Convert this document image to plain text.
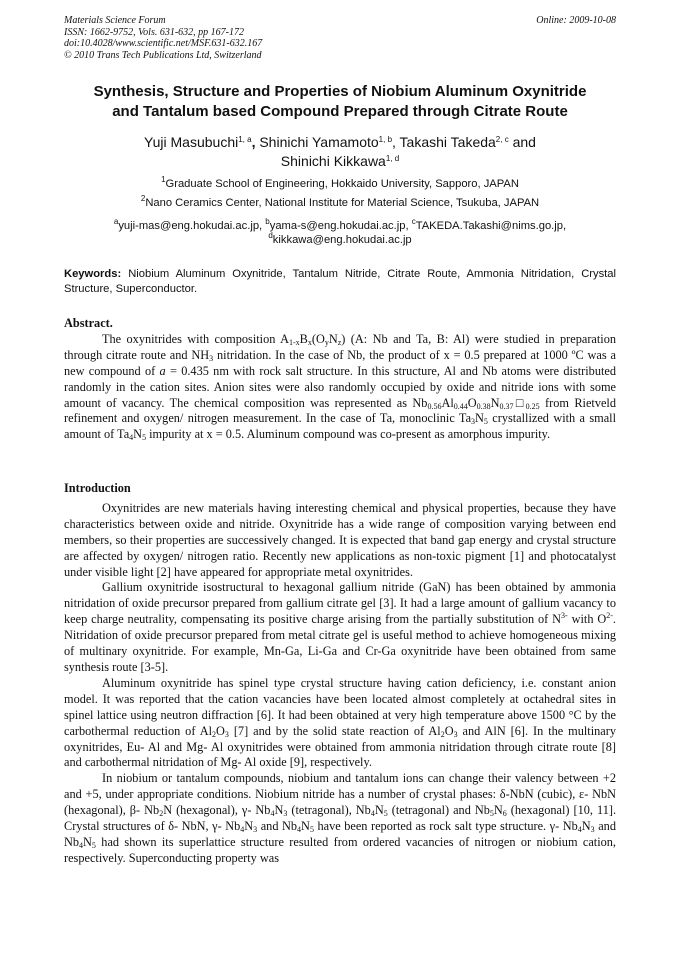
Materials Science Forum	Online: 2009-10-08
ISSN: 1662-9752, Vols. 631-632, pp 167-172
doi:10.4028/www.scientific.net/MSF.631-632.167
© 2010 Trans Tech Publications Ltd, Switzerland
Synthesis, Structure and Properties of Niobium Aluminum Oxynitride
and Tantalum based Compound Prepared through Citrate Route
Yuji Masubuchi$^{1, a}$, Shinichi Yamamoto$^{1, b}$, Takashi Takeda$^{2, c}$ and
Shinichi Kikkawa$^{1, d}$
$^1$Graduate School of Engineering, Hokkaido University, Sapporo, JAPAN
$^2$Nano Ceramics Center, National Institute for Material Science, Tsukuba, JAPAN
$^a$yuji-mas@eng.hokudai.ac.jp, $^b$yama-s@eng.hokudai.ac.jp, $^c$TAKEDA.Takashi@nims.go.jp,
$^d$kikkawa@eng.hokudai.ac.jp
Keywords: Niobium Aluminum Oxynitride, Tantalum Nitride, Citrate Route, Ammonia Nitridation, Crystal Structure, Superconductor.

Abstract.

The oxynitrides with composition $A_{1-x}B_x(O_yN_z)$ (A: Nb and Ta, B: Al) were studied in preparation through citrate route and $NH_3$ nitridation. In the case of Nb, the product of x = 0.5 prepared at 1000 ºC was a new compound of a = 0.435 nm with rock salt structure. In this structure, Al and Nb atoms were distributed randomly in the cation sites. Anion sites were also randomly occupied by oxide and nitride ions with some amount of vacancy. The chemical composition was represented as $Nb_{0.56}Al_{0.44}O_{0.38}N_{0.37}□_{0.25}$ from Rietveld refinement and oxygen/ nitrogen measurement. In the case of Ta, monoclinic $Ta_3N_5$ crystallized with a small amount of $Ta_4N_5$ impurity at x = 0.5. Aluminum compound was co-present as amorphous impurity.

Introduction

Oxynitrides are new materials having interesting chemical and physical properties, because they have characteristics between oxide and nitride. Oxynitride has a wide range of composition varying between end members, so their properties are successively changed. It is expected that band gap energy and crystal structure are affected by oxygen/ nitrogen ratio. Recently new applications as non-toxic pigment [1] and photocatalyst under visible light [2] have appeared for appropriate metal oxynitrides.

Gallium oxynitride isostructural to hexagonal gallium nitride (GaN) has been obtained by ammonia nitridation of oxide precursor prepared from gallium citrate gel [3]. It had a large amount of gallium vacancy to keep charge neutrality, compensating its positive charge arising from the partially substitution of $N^{3-}$ with $O^{2-}$. Nitridation of oxide precursor prepared from metal citrate gel is useful method to achieve homogeneous mixing of multinary oxynitride. For example, Mn-Ga, Li-Ga and Cr-Ga oxynitride have been obtained from same synthesis route [3-5].

Aluminum oxynitride has spinel type crystal structure having cation deficiency, i.e. constant anion model. It was reported that the cation vacancies have been located almost completely at octahedral sites in spinel lattice using neutron diffraction [6]. It had been obtained at very high temperature above 1500 °C by the carbothermal reduction of $Al_2O_3$ [7] and by the solid state reaction of $Al_2O_3$ and AlN [6]. In the multinary oxynitrides, Eu- Al and Mg- Al oxynitrides were obtained from ammonia nitridation through citrate route [8] and carbothermal nitridation of Mg- Al oxide [9], respectively.

In niobium or tantalum compounds, niobium and tantalum ions can change their valency between +2 and +5, under appropriate conditions. Niobium nitride has a number of crystal phases: δ-NbN (cubic), ε- NbN (hexagonal), β- $Nb_2N$ (hexagonal), γ- $Nb_4N_3$ (tetragonal), $Nb_4N_5$ (tetragonal) and $Nb_5N_6$ (hexagonal) [10, 11]. Crystal structures of δ- NbN, γ- $Nb_4N_3$ and $Nb_4N_5$ have been reported as rock salt type structure. γ- $Nb_4N_3$ and $Nb_4N_5$ had shown its superlattice structure resulted from ordered vacancies of nitrogen or niobium cation, respectively. Superconducting property was
